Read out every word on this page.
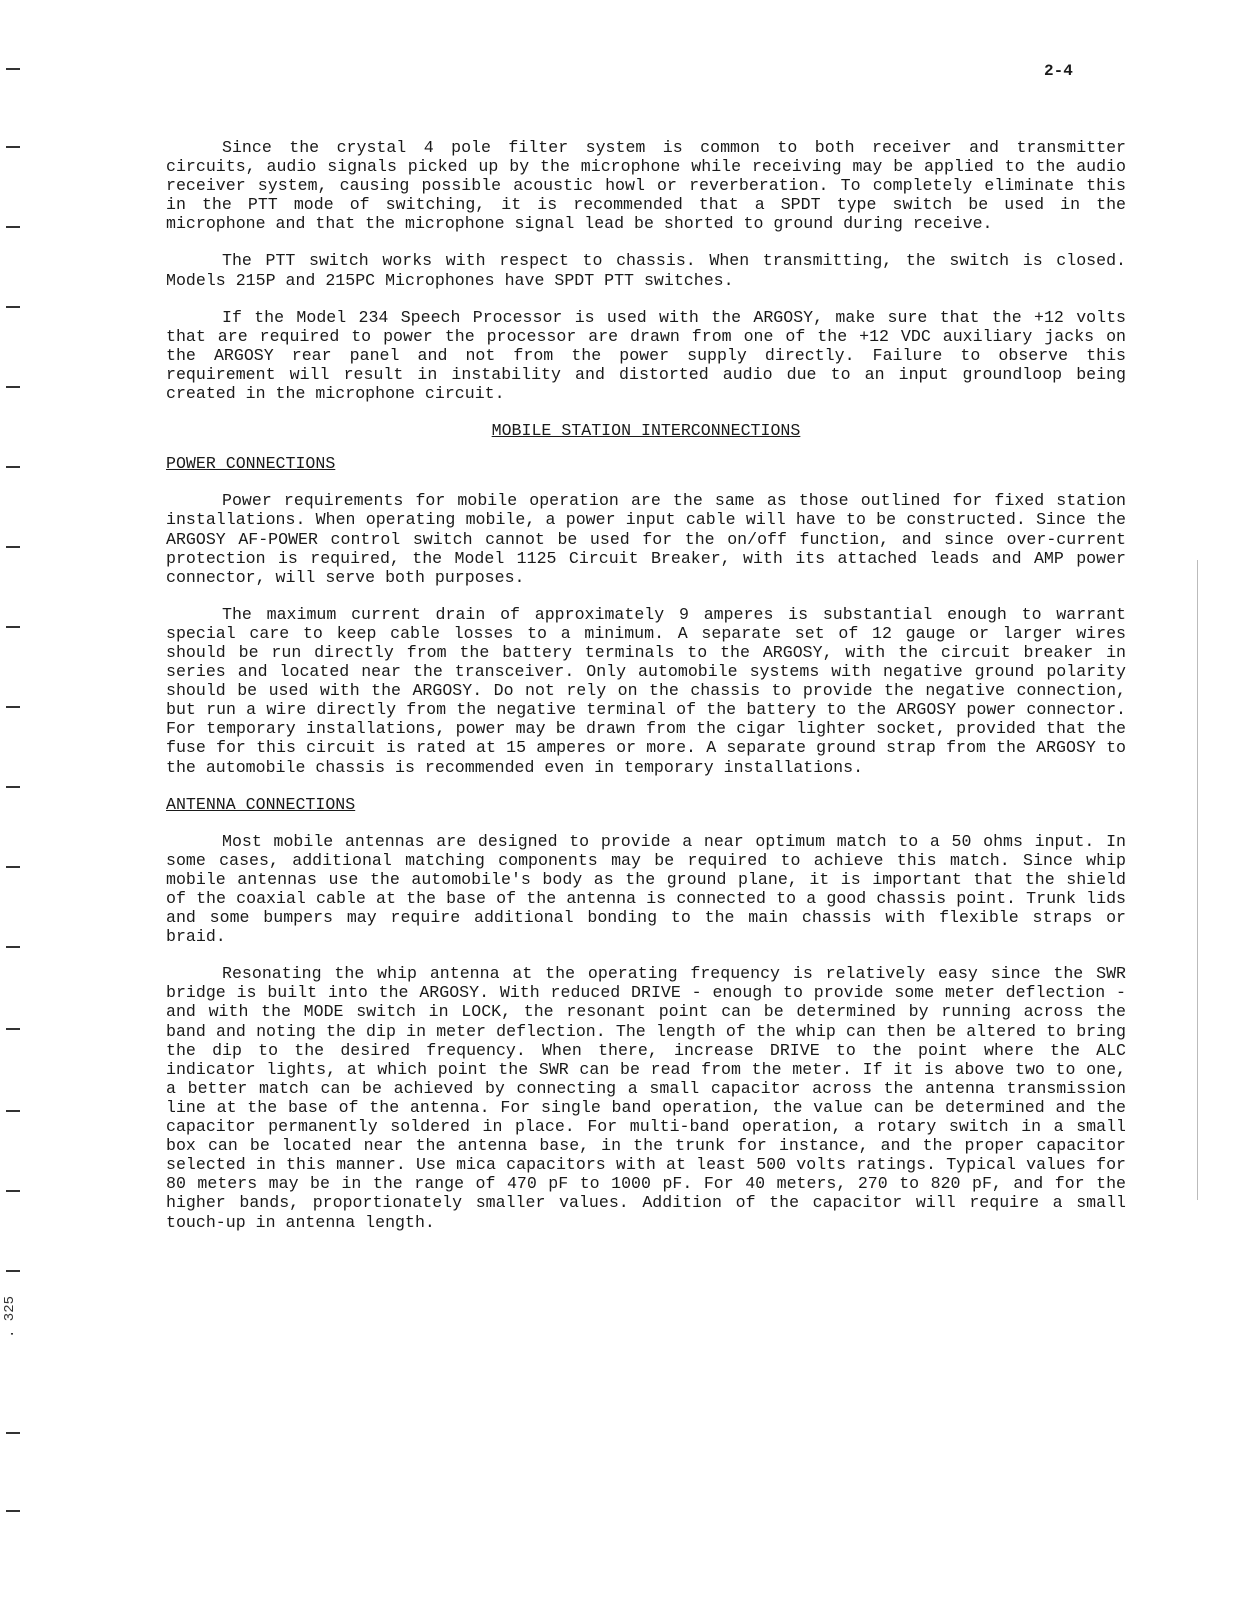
. 325
2-4

Since the crystal 4 pole filter system is common to both receiver and transmitter circuits, audio signals picked up by the microphone while receiving may be applied to the audio receiver system, causing possible acoustic howl or reverberation. To completely eliminate this in the PTT mode of switching, it is recommended that a SPDT type switch be used in the microphone and that the microphone signal lead be shorted to ground during receive.

The PTT switch works with respect to chassis. When transmitting, the switch is closed. Models 215P and 215PC Microphones have SPDT PTT switches.

If the Model 234 Speech Processor is used with the ARGOSY, make sure that the +12 volts that are required to power the processor are drawn from one of the +12 VDC auxiliary jacks on the ARGOSY rear panel and not from the power supply directly. Failure to observe this requirement will result in instability and distorted audio due to an input groundloop being created in the microphone circuit.

MOBILE STATION INTERCONNECTIONS
POWER CONNECTIONS

Power requirements for mobile operation are the same as those outlined for fixed station installations. When operating mobile, a power input cable will have to be constructed. Since the ARGOSY AF-POWER control switch cannot be used for the on/off function, and since over-current protection is required, the Model 1125 Circuit Breaker, with its attached leads and AMP power connector, will serve both purposes.

The maximum current drain of approximately 9 amperes is substantial enough to warrant special care to keep cable losses to a minimum. A separate set of 12 gauge or larger wires should be run directly from the battery terminals to the ARGOSY, with the circuit breaker in series and located near the transceiver. Only automobile systems with negative ground polarity should be used with the ARGOSY. Do not rely on the chassis to provide the negative connection, but run a wire directly from the negative terminal of the battery to the ARGOSY power connector. For temporary installations, power may be drawn from the cigar lighter socket, provided that the fuse for this circuit is rated at 15 amperes or more. A separate ground strap from the ARGOSY to the automobile chassis is recommended even in temporary installations.

ANTENNA CONNECTIONS

Most mobile antennas are designed to provide a near optimum match to a 50 ohms input. In some cases, additional matching components may be required to achieve this match. Since whip mobile antennas use the automobile's body as the ground plane, it is important that the shield of the coaxial cable at the base of the antenna is connected to a good chassis point. Trunk lids and some bumpers may require additional bonding to the main chassis with flexible straps or braid.

Resonating the whip antenna at the operating frequency is relatively easy since the SWR bridge is built into the ARGOSY. With reduced DRIVE - enough to provide some meter deflection - and with the MODE switch in LOCK, the resonant point can be determined by running across the band and noting the dip in meter deflection. The length of the whip can then be altered to bring the dip to the desired frequency. When there, increase DRIVE to the point where the ALC indicator lights, at which point the SWR can be read from the meter. If it is above two to one, a better match can be achieved by connecting a small capacitor across the antenna transmission line at the base of the antenna. For single band operation, the value can be determined and the capacitor permanently soldered in place. For multi-band operation, a rotary switch in a small box can be located near the antenna base, in the trunk for instance, and the proper capacitor selected in this manner. Use mica capacitors with at least 500 volts ratings. Typical values for 80 meters may be in the range of 470 pF to 1000 pF. For 40 meters, 270 to 820 pF, and for the higher bands, proportionately smaller values. Addition of the capacitor will require a small touch-up in antenna length.
